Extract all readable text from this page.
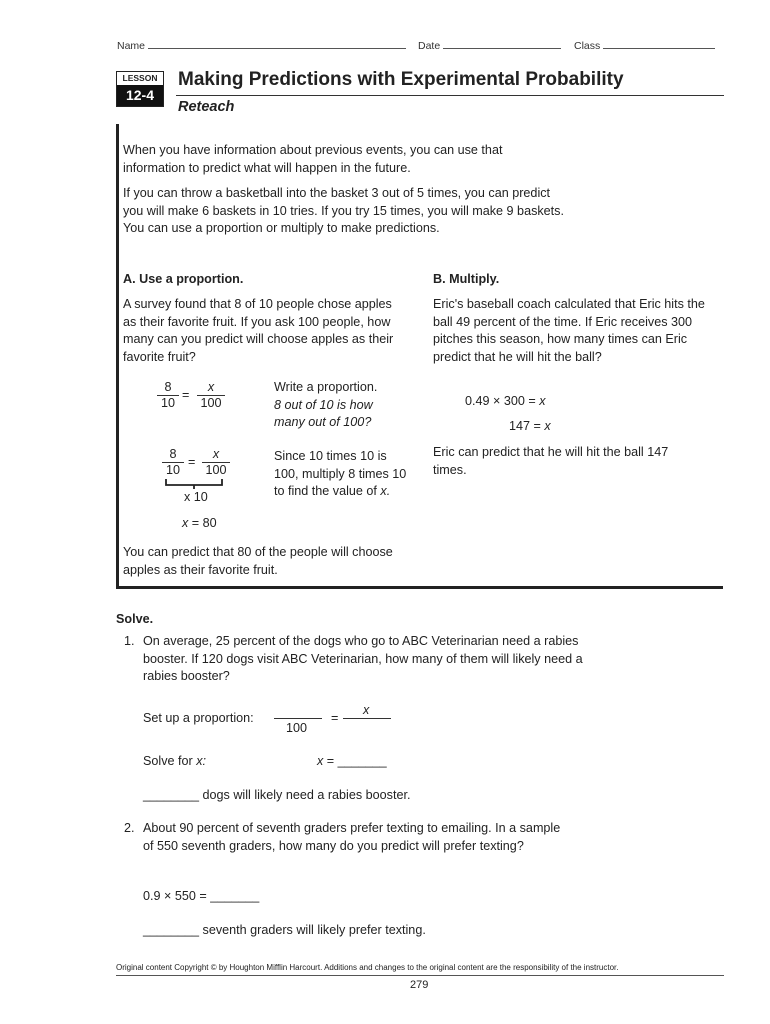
Name	Date	Class
LESSON
12-4
Making Predictions with Experimental Probability
Reteach
When you have information about previous events, you can use that information to predict what will happen in the future.
If you can throw a basketball into the basket 3 out of 5 times, you can predict you will make 6 baskets in 10 tries. If you try 15 times, you will make 9 baskets. You can use a proportion or multiply to make predictions.
A. Use a proportion.
A survey found that 8 of 10 people chose apples as their favorite fruit. If you ask 100 people, how many can you predict will choose apples as their favorite fruit?
$\frac{8}{10} = \frac{x}{100}$	Write a proportion.
8 out of 10 is how many out of 100?
$\frac{8}{10} = \frac{x}{100}$
x 10
x = 80
Since 10 times 10 is 100, multiply 8 times 10 to find the value of x.
You can predict that 80 of the people will choose apples as their favorite fruit.
B. Multiply.
Eric's baseball coach calculated that Eric hits the ball 49 percent of the time. If Eric receives 300 pitches this season, how many times can Eric predict that he will hit the ball?
0.49 × 300 = x
147 = x
Eric can predict that he will hit the ball 147 times.
Solve.
1. On average, 25 percent of the dogs who go to ABC Veterinarian need a rabies booster. If 120 dogs visit ABC Veterinarian, how many of them will likely need a rabies booster?
Set up a proportion:
100
=
x
Solve for x:	x = _______
________ dogs will likely need a rabies booster.
2. About 90 percent of seventh graders prefer texting to emailing. In a sample of 550 seventh graders, how many do you predict will prefer texting?
0.9 × 550 = _______
________ seventh graders will likely prefer texting.
Original content Copyright © by Houghton Mifflin Harcourt. Additions and changes to the original content are the responsibility of the instructor.
279
